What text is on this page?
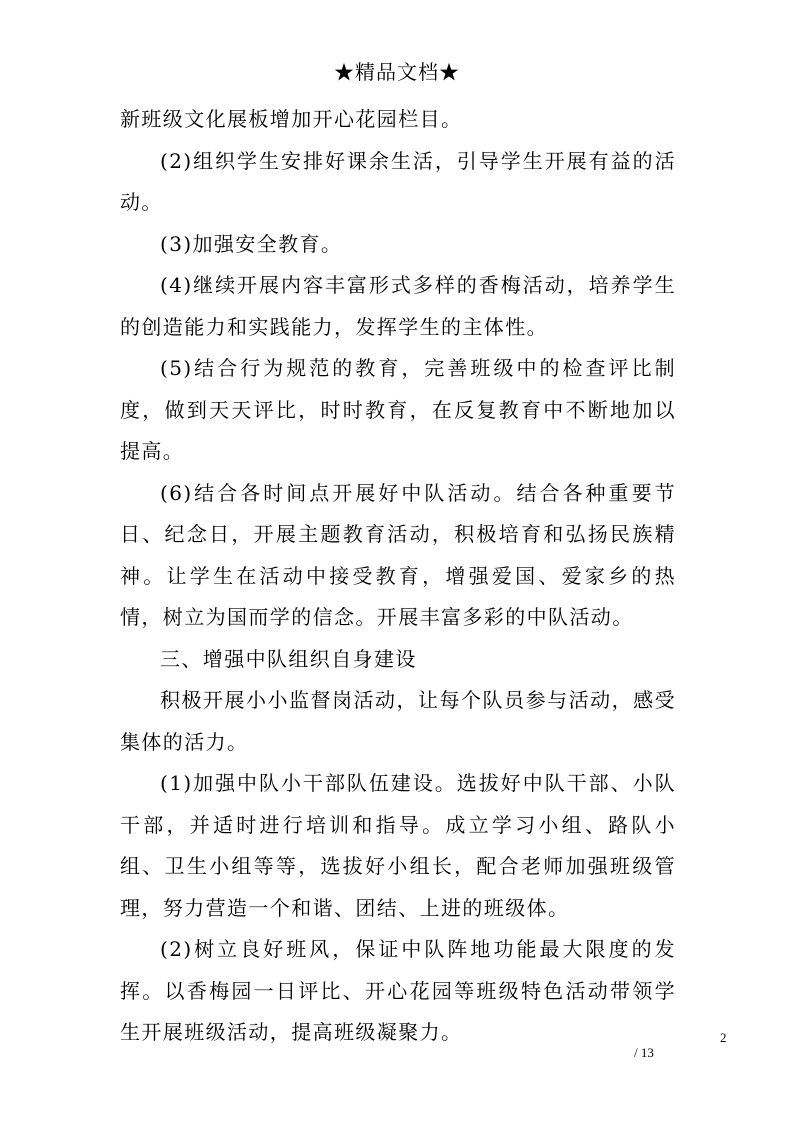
★精品文档★

新班级文化展板增加开心花园栏目。

(2)组织学生安排好课余生活，引导学生开展有益的活动。

(3)加强安全教育。

(4)继续开展内容丰富形式多样的香梅活动，培养学生的创造能力和实践能力，发挥学生的主体性。

(5)结合行为规范的教育，完善班级中的检查评比制度，做到天天评比，时时教育，在反复教育中不断地加以提高。

(6)结合各时间点开展好中队活动。结合各种重要节日、纪念日，开展主题教育活动，积极培育和弘扬民族精神。让学生在活动中接受教育，增强爱国、爱家乡的热情，树立为国而学的信念。开展丰富多彩的中队活动。

三、增强中队组织自身建设

积极开展小小监督岗活动，让每个队员参与活动，感受集体的活力。

(1)加强中队小干部队伍建设。选拔好中队干部、小队干部，并适时进行培训和指导。成立学习小组、路队小组、卫生小组等等，选拔好小组长，配合老师加强班级管理，努力营造一个和谐、团结、上进的班级体。

(2)树立良好班风，保证中队阵地功能最大限度的发挥。以香梅园一日评比、开心花园等班级特色活动带领学生开展班级活动，提高班级凝聚力。	2
/ 13
